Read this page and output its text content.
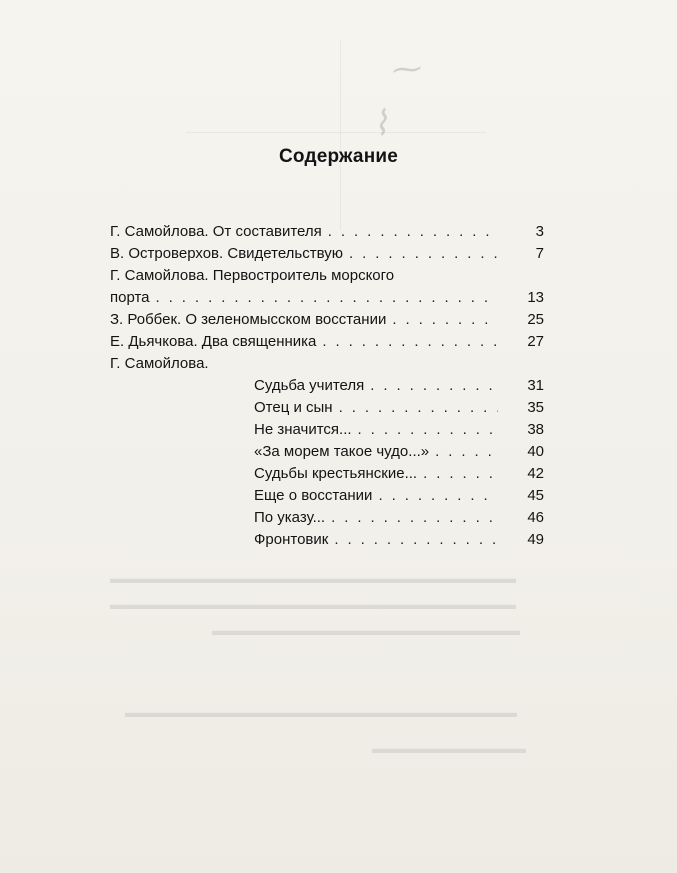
⁓
⌇
▬▬▬▬▬▬▬▬▬▬▬▬▬▬▬▬▬▬▬▬▬▬▬▬▬▬▬▬▬
▬▬▬▬▬▬▬▬▬▬▬▬▬▬▬▬▬▬▬▬▬▬▬▬▬▬▬▬▬
▬▬▬▬▬▬▬▬▬▬▬▬▬▬▬▬▬▬▬▬▬▬
▬▬▬▬▬▬▬▬▬▬▬▬▬▬▬▬▬▬▬▬▬▬▬▬▬▬▬▬
▬▬▬▬▬▬▬▬▬▬▬
Содержание
Г. Самойлова. От составителя . . .	3
В. Островерхов. Свидетельствую . . .	7
Г. Самойлова. Первостроитель морского
порта . . .	13
З. Роббек. О зеленомысском восстании . . .	25
Е. Дьячкова. Два священника . . .	27
Г. Самойлова.
Судьба учителя . . .	31
Отец и сын . . .	35
Не значится... . . .	38
«За морем такое чудо...» . . .	40
Судьбы крестьянские... . . .	42
Еще о восстании . . .	45
По указу... . . .	46
Фронтовик . . .	49
